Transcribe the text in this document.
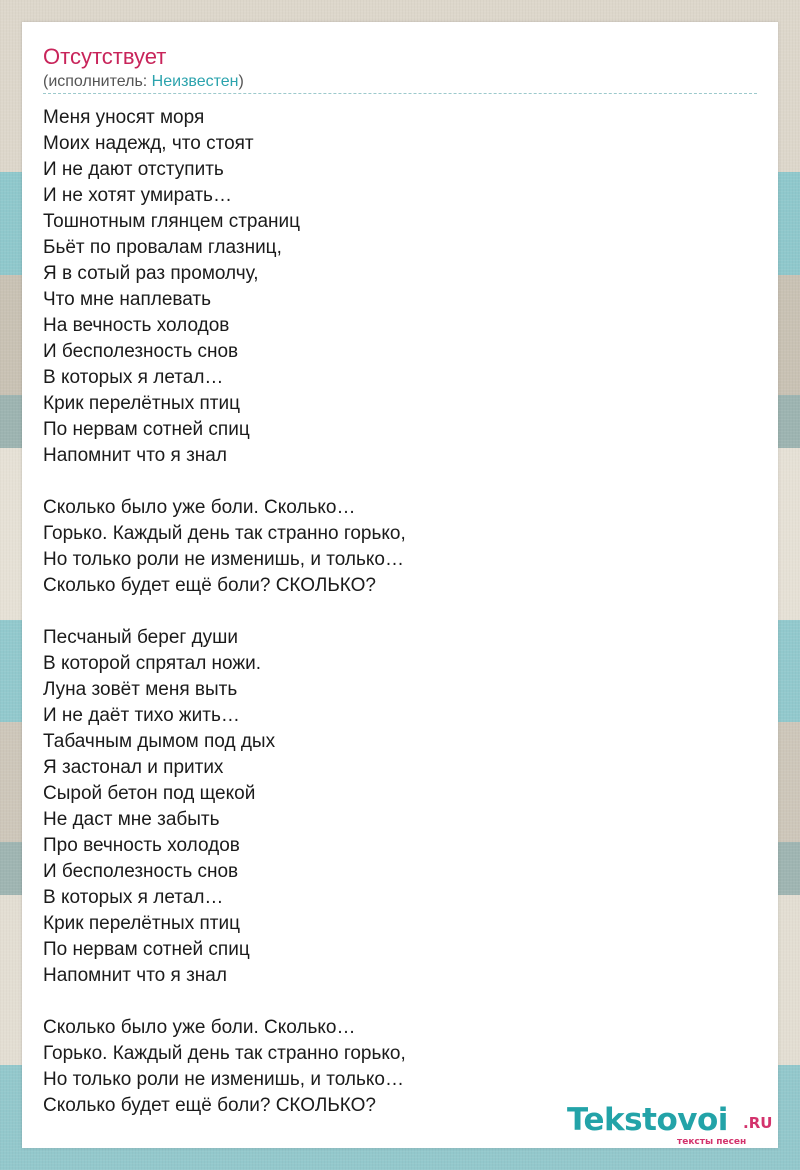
Отсутствует
(исполнитель: Неизвестен)
Меня уносят моря
Моих надежд, что стоят
И не дают отступить
И не хотят умирать…
Тошнотным глянцем страниц
Бьёт по провалам глазниц,
Я в сотый раз промолчу,
Что мне наплевать
На вечность холодов
И бесполезность снов
В которых я летал…
Крик перелётных птиц
По нервам сотней спиц
Напомнит что я знал
Сколько было уже боли. Сколько…
Горько. Каждый день так странно горько,
Но только роли не изменишь, и только…
Сколько будет ещё боли? СКОЛЬКО?
Песчаный берег души
В которой спрятал ножи.
Луна зовёт меня выть
И не даёт тихо жить…
Табачным дымом под дых
Я застонал и притих
Сырой бетон под щекой
Не даст мне забыть
Про вечность холодов
И бесполезность снов
В которых я летал…
Крик перелётных птиц
По нервам сотней спиц
Напомнит что я знал
Сколько было уже боли. Сколько…
Горько. Каждый день так странно горько,
Но только роли не изменишь, и только…
Сколько будет ещё боли? СКОЛЬКО?	Tekstovoi .RU
тексты песен
